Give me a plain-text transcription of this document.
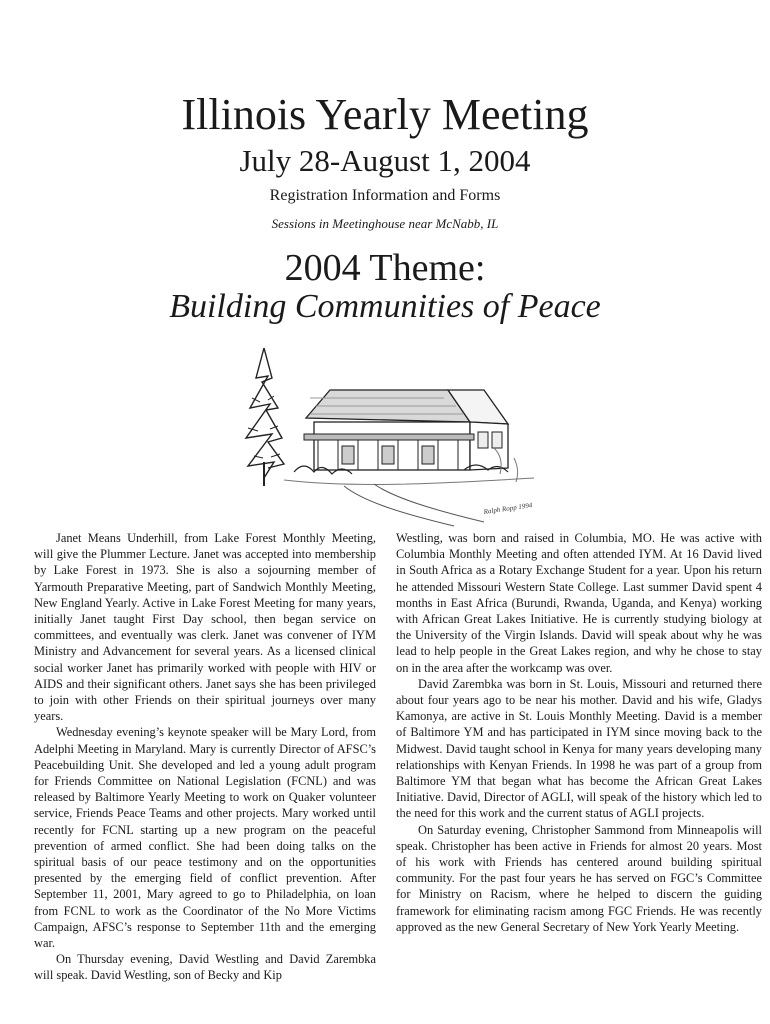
Illinois Yearly Meeting
July 28-August 1, 2004
Registration Information and Forms
Sessions in Meetinghouse near McNabb, IL
2004 Theme:
Building Communities of Peace
Ralph Ropp 1994

Janet Means Underhill, from Lake Forest Monthly Meeting, will give the Plummer Lecture. Janet was accepted into membership by Lake Forest in 1973. She is also a sojourning member of Yarmouth Preparative Meeting, part of Sandwich Monthly Meeting, New England Yearly. Active in Lake Forest Meeting for many years, initially Janet taught First Day school, then began service on committees, and eventually was clerk. Janet was convener of IYM Ministry and Advancement for several years. As a licensed clinical social worker Janet has primarily worked with people with HIV or AIDS and their significant others. Janet says she has been privileged to join with other Friends on their spiritual journeys over many years.

Wednesday evening’s keynote speaker will be Mary Lord, from Adelphi Meeting in Maryland. Mary is currently Director of AFSC’s Peacebuilding Unit. She developed and led a young adult program for Friends Committee on National Legislation (FCNL) and was released by Baltimore Yearly Meeting to work on Quaker volunteer service, Friends Peace Teams and other projects. Mary worked until recently for FCNL starting up a new program on the peaceful prevention of armed conflict. She had been doing talks on the spiritual basis of our peace testimony and on the opportunities presented by the emerging field of conflict prevention. After September 11, 2001, Mary agreed to go to Philadelphia, on loan from FCNL to work as the Coordinator of the No More Victims Campaign, AFSC’s response to September 11th and the emerging war.

On Thursday evening, David Westling and David Zarembka will speak. David Westling, son of Becky and Kip

Westling, was born and raised in Columbia, MO. He was active with Columbia Monthly Meeting and often attended IYM. At 16 David lived in South Africa as a Rotary Exchange Student for a year. Upon his return he attended Missouri Western State College. Last summer David spent 4 months in East Africa (Burundi, Rwanda, Uganda, and Kenya) working with African Great Lakes Initiative. He is currently studying biology at the University of the Virgin Islands. David will speak about why he was lead to help people in the Great Lakes region, and why he chose to stay on in the area after the workcamp was over.

David Zarembka was born in St. Louis, Missouri and returned there about four years ago to be near his mother. David and his wife, Gladys Kamonya, are active in St. Louis Monthly Meeting. David is a member of Baltimore YM and has participated in IYM since moving back to the Midwest. David taught school in Kenya for many years developing many relationships with Kenyan Friends. In 1998 he was part of a group from Baltimore YM that began what has become the African Great Lakes Initiative. David, Director of AGLI, will speak of the history which led to the need for this work and the current status of AGLI projects.

On Saturday evening, Christopher Sammond from Minneapolis will speak. Christopher has been active in Friends for almost 20 years. Most of his work with Friends has centered around building spiritual community. For the past four years he has served on FGC’s Committee for Ministry on Racism, where he helped to discern the guiding framework for eliminating racism among FGC Friends. He was recently approved as the new General Secretary of New York Yearly Meeting.
